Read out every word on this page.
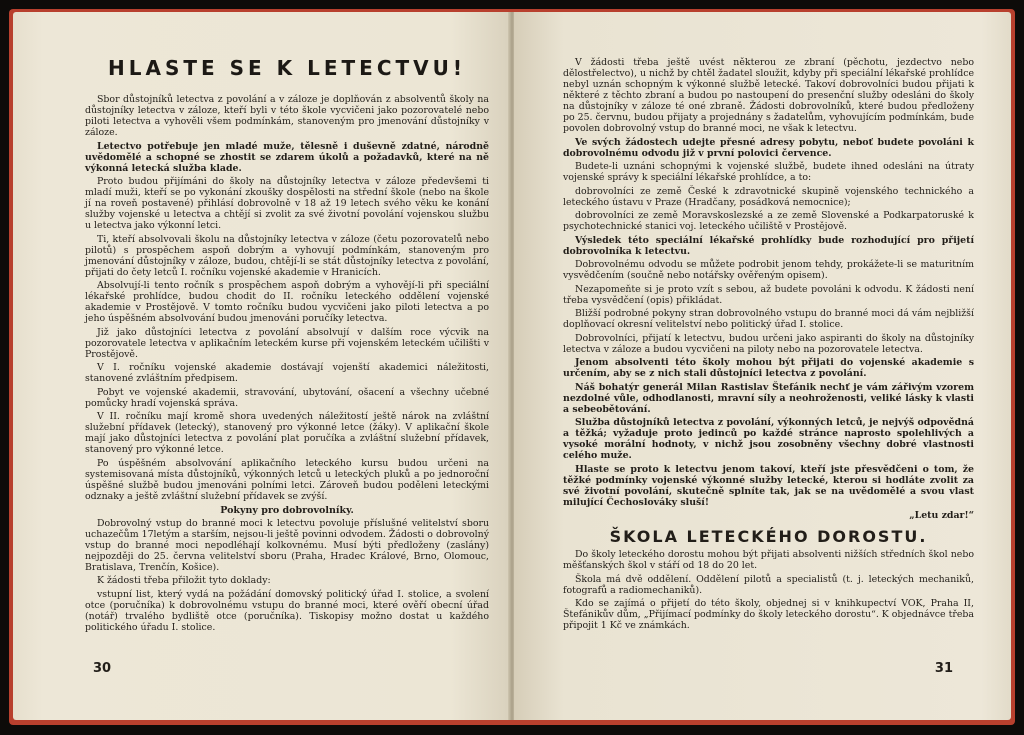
HLASTE SE K LETECTVU!

Sbor důstojníků letectva z povolání a v záloze je doplňován z absolventů školy na důstojníky letectva v záloze, kteří byli v této škole vycvičeni jako pozorovatelé nebo piloti letectva a vyhověli všem podmínkám, stanoveným pro jmenování důstojníky v záloze.

Letectvo potřebuje jen mladé muže, tělesně i duševně zdatné, národně uvědomělé a schopné se zhostit se zdarem úkolů a požadavků, které na ně výkonná letecká služba klade.

Proto budou přijímáni do školy na důstojníky letectva v záloze předevšemi ti mladí muži, kteří se po vykonání zkoušky dospělosti na střední škole (nebo na škole jí na roveň postavené) přihlásí dobrovolně v 18 až 19 letech svého věku ke konání služby vojenské u letectva a chtějí si zvolit za své životní povolání vojenskou službu u letectva jako výkonní letci.

Ti, kteří absolvovali školu na důstojníky letectva v záloze (četu pozorovatelů nebo pilotů) s prospěchem aspoň dobrým a vyhovují podmínkám, stanoveným pro jmenování důstojníky v záloze, budou, chtějí-li se stát důstojníky letectva z povolání, přijati do čety letců I. ročníku vojenské akademie v Hranicích.

Absolvují-li tento ročník s prospěchem aspoň dobrým a vyhovějí-li při speciální lékařské prohlídce, budou chodit do II. ročníku leteckého oddělení vojenské akademie v Prostějově. V tomto ročníku budou vycvičeni jako piloti letectva a po jeho úspěšném absolvování budou jmenováni poručíky letectva.

Již jako důstojníci letectva z povolání absolvují v dalším roce výcvik na pozorovatele letectva v aplikačním leteckém kurse při vojenském leteckém učilišti v Prostějově.

V I. ročníku vojenské akademie dostávají vojenští akademici náležitosti, stanovené zvláštním předpisem.

Pobyt ve vojenské akademii, stravování, ubytování, ošacení a všechny učebné pomůcky hradí vojenská správa.

V II. ročníku mají kromě shora uvedených náležitostí ještě nárok na zvláštní služební přídavek (letecký), stanovený pro výkonné letce (žáky). V aplikační škole mají jako důstojníci letectva z povolání plat poručíka a zvláštní služební přídavek, stanovený pro výkonné letce.

Po úspěšném absolvování aplikačního leteckého kursu budou určeni na systemisovaná místa důstojníků, výkonných letců u leteckých pluků a po jednoroční úspěšné službě budou jmenováni polními letci. Zároveň budou poděleni leteckými odznaky a ještě zvláštní služební přídavek se zvýší.

Pokyny pro dobrovolníky.

Dobrovolný vstup do branné moci k letectvu povoluje příslušné velitelství sboru uchazečům 17letým a starším, nejsou-li ještě povinni odvodem. Žádosti o dobrovolný vstup do branné moci nepodléhají kolkovnému. Musí býti předloženy (zaslány) nejpozději do 25. června velitelství sboru (Praha, Hradec Králové, Brno, Olomouc, Bratislava, Trenčín, Košice).

K žádosti třeba přiložit tyto doklady:

vstupní list, který vydá na požádání domovský politický úřad I. stolice, a svolení otce (poručníka) k dobrovolnému vstupu do branné moci, které ověří obecní úřad (notář) trvalého bydliště otce (poručníka). Tiskopisy možno dostat u každého politického úřadu I. stolice.

30

V žádosti třeba ještě uvést některou ze zbraní (pěchotu, jezdectvo nebo dělostřelectvo), u nichž by chtěl žadatel sloužit, kdyby při speciální lékařské prohlídce nebyl uznán schopným k výkonné službě letecké. Takoví dobrovolníci budou přijati k některé z těchto zbraní a budou po nastoupení do presenční služby odesláni do školy na důstojníky v záloze té oné zbraně. Žádosti dobrovolníků, které budou předloženy po 25. červnu, budou přijaty a projednány s žadatelům, vyhovujícím podmínkám, bude povolen dobrovolný vstup do branné moci, ne však k letectvu.

Ve svých žádostech udejte přesné adresy pobytu, neboť budete povoláni k dobrovolnému odvodu již v první polovici července.

Budete-li uznáni schopnými k vojenské službě, budete ihned odesláni na útraty vojenské správy k speciální lékařské prohlídce, a to:

dobrovolníci ze země České k zdravotnické skupině vojenského technického a leteckého ústavu v Praze (Hradčany, posádková nemocnice);

dobrovolníci ze země Moravskoslezské a ze země Slovenské a Podkarpatoruské k psychotechnické stanici voj. leteckého učiliště v Prostějově.

Výsledek této speciální lékařské prohlídky bude rozhodující pro přijetí dobrovolníka k letectvu.

Dobrovolnému odvodu se můžete podrobit jenom tehdy, prokážete-li se maturitním vysvědčením (součně nebo notářsky ověřeným opisem).

Nezapomeňte si je proto vzít s sebou, až budete povoláni k odvodu. K žádosti není třeba vysvědčení (opis) přikládat.

Bližší podrobné pokyny stran dobrovolného vstupu do branné moci dá vám nejbližší doplňovací okresní velitelství nebo politický úřad I. stolice.

Dobrovolníci, přijatí k letectvu, budou určeni jako aspiranti do školy na důstojníky letectva v záloze a budou vycvičeni na piloty nebo na pozorovatele letectva.

Jenom absolventi této školy mohou být přijati do vojenské akademie s určením, aby se z nich stali důstojníci letectva z povolání.

Náš bohatýr generál Milan Rastislav Štefánik nechť je vám zářivým vzorem nezdolné vůle, odhodlanosti, mravní síly a neohroženosti, veliké lásky k vlasti a sebeobětování.

Služba důstojníků letectva z povolání, výkonných letců, je nejvýš odpovědná a těžká; vyžaduje proto jedinců po každé stránce naprosto spolehlivých a vysoké morální hodnoty, v nichž jsou zosobněny všechny dobré vlastnosti celého muže.

Hlaste se proto k letectvu jenom takoví, kteří jste přesvědčeni o tom, že těžké podmínky vojenské výkonné služby letecké, kterou si hodláte zvolit za své životní povolání, skutečně splníte tak, jak se na uvědomělé a svou vlast milující Čechoslováky sluší!

„Letu zdar!“

ŠKOLA LETECKÉHO DOROSTU.

Do školy leteckého dorostu mohou být přijati absolventi nižších středních škol nebo měšťanských škol v stáří od 18 do 20 let.

Škola má dvě oddělení. Oddělení pilotů a specialistů (t. j. leteckých mechaniků, fotografů a radiomechaniků).

Kdo se zajímá o přijetí do této školy, objednej si v knihkupectví VOK, Praha II, Štefánikův dům, „Přijímací podmínky do školy leteckého dorostu“. K objednávce třeba připojit 1 Kč ve známkách.

31
